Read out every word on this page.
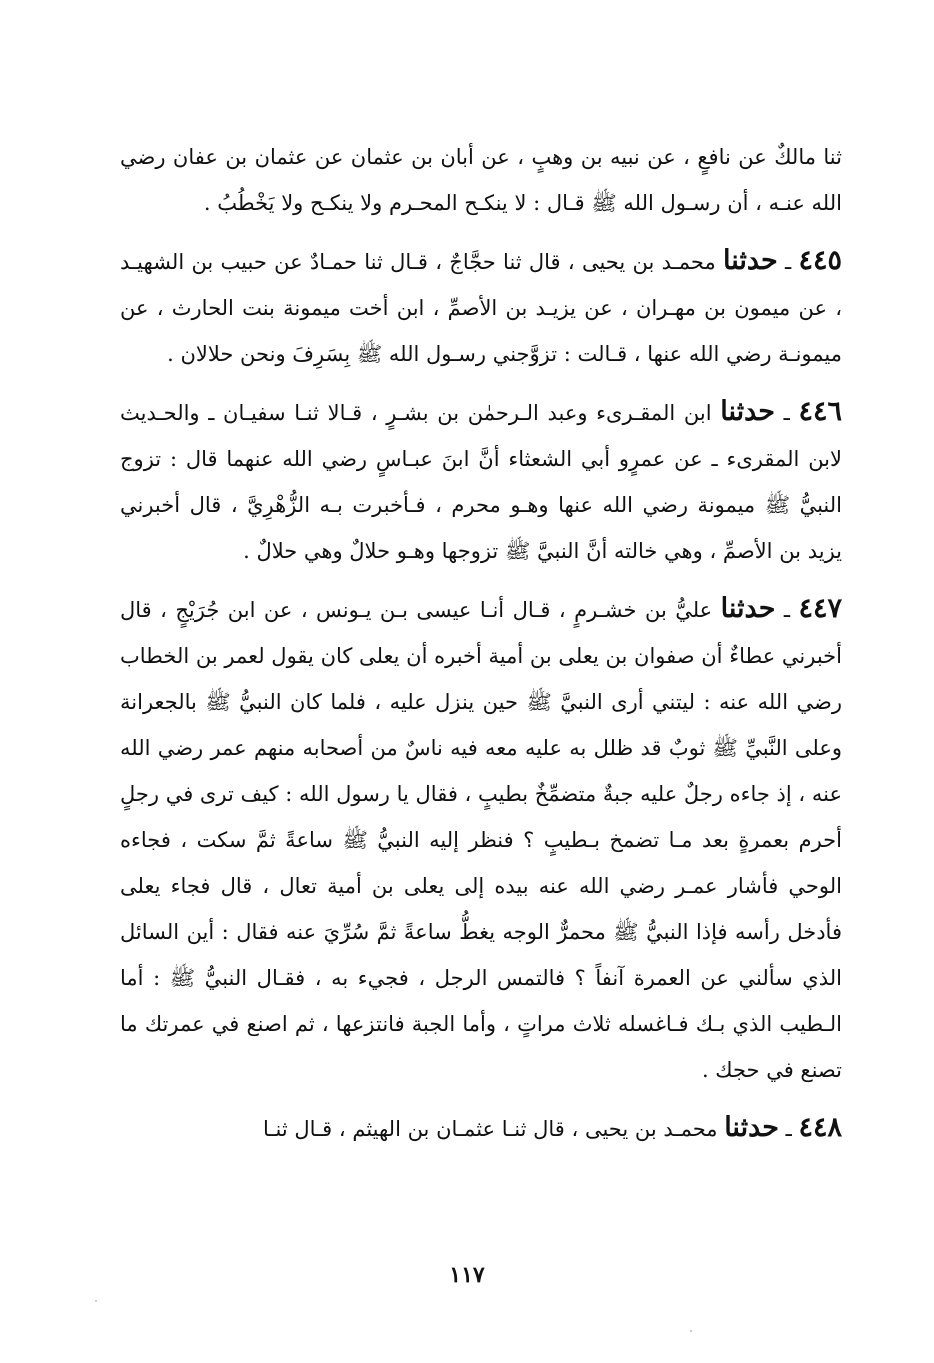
ثنا مالكٌ عن نافعٍ ، عن نبيه بن وهبٍ ، عن أبان بن عثمان عن عثمان بن عفان رضي الله عنـه ، أن رسـول الله ﷺ قـال : لا ينكـح المحـرم ولا ينكـح ولا يَخْطُبُ .

٤٤٥ ـ حدثنا محمـد بن يحيى ، قال ثنا حجَّاجٌ ، قـال ثنا حمـادٌ عن حبيب بن الشهيـد ، عن ميمون بن مهـران ، عن يزيـد بن الأصمِّ ، ابن أخت ميمونة بنت الحارث ، عن ميمونـة رضي الله عنها ، قـالت : تزوَّجني رسـول الله ﷺ بِسَرِفَ ونحن حلالان .

٤٤٦ ـ حدثنا ابن المقـرىء وعبد الـرحمٰن بن بشـرٍ ، قـالا ثنـا سفيـان ـ والحـديث لابن المقرىء ـ عن عمرٍو أبي الشعثاء أنَّ ابنَ عبـاسٍ رضي الله عنهما قال : تزوج النبيُّ ﷺ ميمونة رضي الله عنها وهـو محرم ، فـأخبرت بـه الزُّهْرِيَّ ، قال أخبرني يزيد بن الأصمِّ ، وهي خالته أنَّ النبيَّ ﷺ تزوجها وهـو حلالٌ وهي حلالٌ .

٤٤٧ ـ حدثنا عليُّ بن خشـرمٍ ، قـال أنـا عيسى بـن يـونس ، عن ابن جُرَيْجٍ ، قال أخبرني عطاءٌ أن صفوان بن يعلى بن أمية أخبره أن يعلى كان يقول لعمر بن الخطاب رضي الله عنه : ليتني أرى النبيَّ ﷺ حين ينزل عليه ، فلما كان النبيُّ ﷺ بالجعرانة وعلى النَّبيِّ ﷺ ثوبٌ قد ظلل به عليه معه فيه ناسٌ من أصحابه منهم عمر رضي الله عنه ، إذ جاءه رجلٌ عليه جبةٌ متضمِّخٌ بطيبٍ ، فقال يا رسول الله : كيف ترى في رجلٍ أحرم بعمرةٍ بعد مـا تضمخ بـطيبٍ ؟ فنظر إليه النبيُّ ﷺ ساعةً ثمَّ سكت ، فجاءه الوحي فأشار عمـر رضي الله عنه بيده إلى يعلى بن أمية تعال ، قال فجاء يعلى فأدخل رأسه فإذا النبيُّ ﷺ محمرٌّ الوجه يغطُّ ساعةً ثمَّ سُرِّيَ عنه فقال : أين السائل الذي سألني عن العمرة آنفاً ؟ فالتمس الرجل ، فجيء به ، فقـال النبيُّ ﷺ : أما الـطيب الذي بـك فـاغسله ثلاث مراتٍ ، وأما الجبة فانتزعها ، ثم اصنع في عمرتك ما تصنع في حجك .

٤٤٨ ـ حدثنا محمـد بن يحيى ، قال ثنـا عثمـان بن الهيثم ، قـال ثنـا

١١٧
